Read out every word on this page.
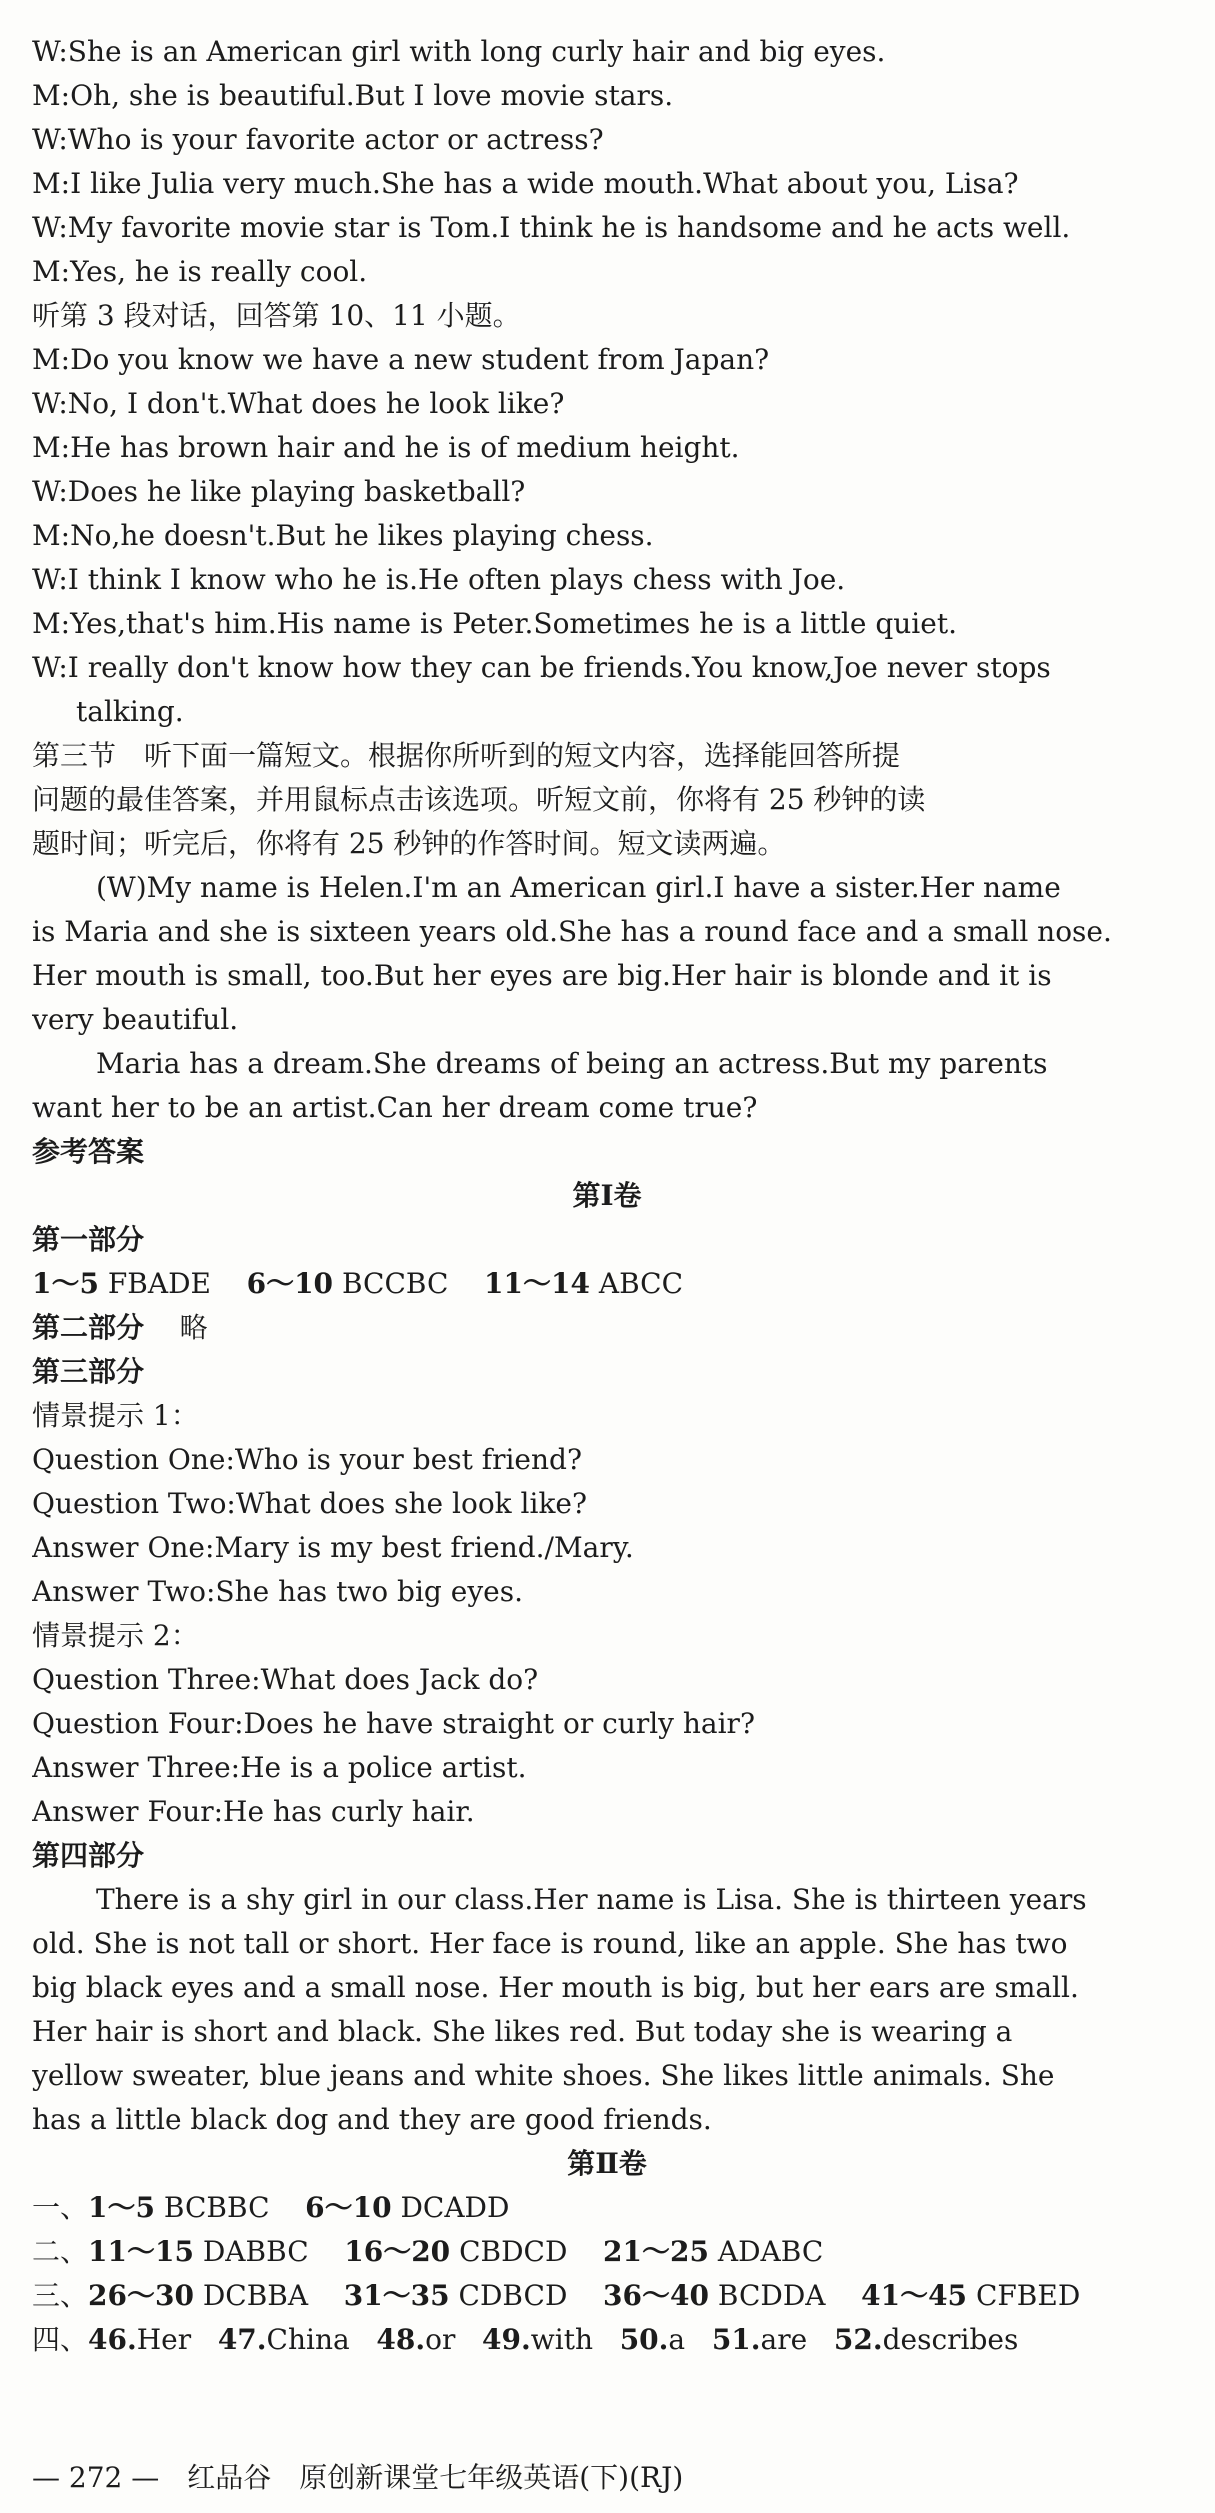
W:She is an American girl with long curly hair and big eyes.
M:Oh, she is beautiful.But I love movie stars.
W:Who is your favorite actor or actress?
M:I like Julia very much.She has a wide mouth.What about you, Lisa?
W:My favorite movie star is Tom.I think he is handsome and he acts well.
M:Yes, he is really cool.
听第 3 段对话，回答第 10、11 小题。
M:Do you know we have a new student from Japan?
W:No, I don't.What does he look like?
M:He has brown hair and he is of medium height.
W:Does he like playing basketball?
M:No,he doesn't.But he likes playing chess.
W:I think I know who he is.He often plays chess with Joe.
M:Yes,that's him.His name is Peter.Sometimes he is a little quiet.
W:I really don't know how they can be friends.You know,Joe never stops
talking.
第三节　听下面一篇短文。根据你所听到的短文内容，选择能回答所提
问题的最佳答案，并用鼠标点击该选项。听短文前，你将有 25 秒钟的读
题时间；听完后，你将有 25 秒钟的作答时间。短文读两遍。
(W)My name is Helen.I'm an American girl.I have a sister.Her name
is Maria and she is sixteen years old.She has a round face and a small nose.
Her mouth is small, too.But her eyes are big.Her hair is blonde and it is
very beautiful.
Maria has a dream.She dreams of being an actress.But my parents
want her to be an artist.Can her dream come true?
参考答案
第Ⅰ卷
第一部分
1～5 FBADE 6～10 BCCBC 11～14 ABCC
第二部分 略
第三部分
情景提示 1：
Question One:Who is your best friend?
Question Two:What does she look like?
Answer One:Mary is my best friend./Mary.
Answer Two:She has two big eyes.
情景提示 2：
Question Three:What does Jack do?
Question Four:Does he have straight or curly hair?
Answer Three:He is a police artist.
Answer Four:He has curly hair.
第四部分
There is a shy girl in our class.Her name is Lisa. She is thirteen years
old. She is not tall or short. Her face is round, like an apple. She has two
big black eyes and a small nose. Her mouth is big, but her ears are small.
Her hair is short and black. She likes red. But today she is wearing a
yellow sweater, blue jeans and white shoes. She likes little animals. She
has a little black dog and they are good friends.
第Ⅱ卷
一、1～5 BCBBC 6～10 DCADD
二、11～15 DABBC 16～20 CBDCD 21～25 ADABC
三、26～30 DCBBA 31～35 CDBCD 36～40 BCDDA 41～45 CFBED
四、46.Her 47.China 48.or 49.with 50.a 51.are 52.describes
— 272 —　红品谷　原创新课堂七年级英语(下)(RJ)
